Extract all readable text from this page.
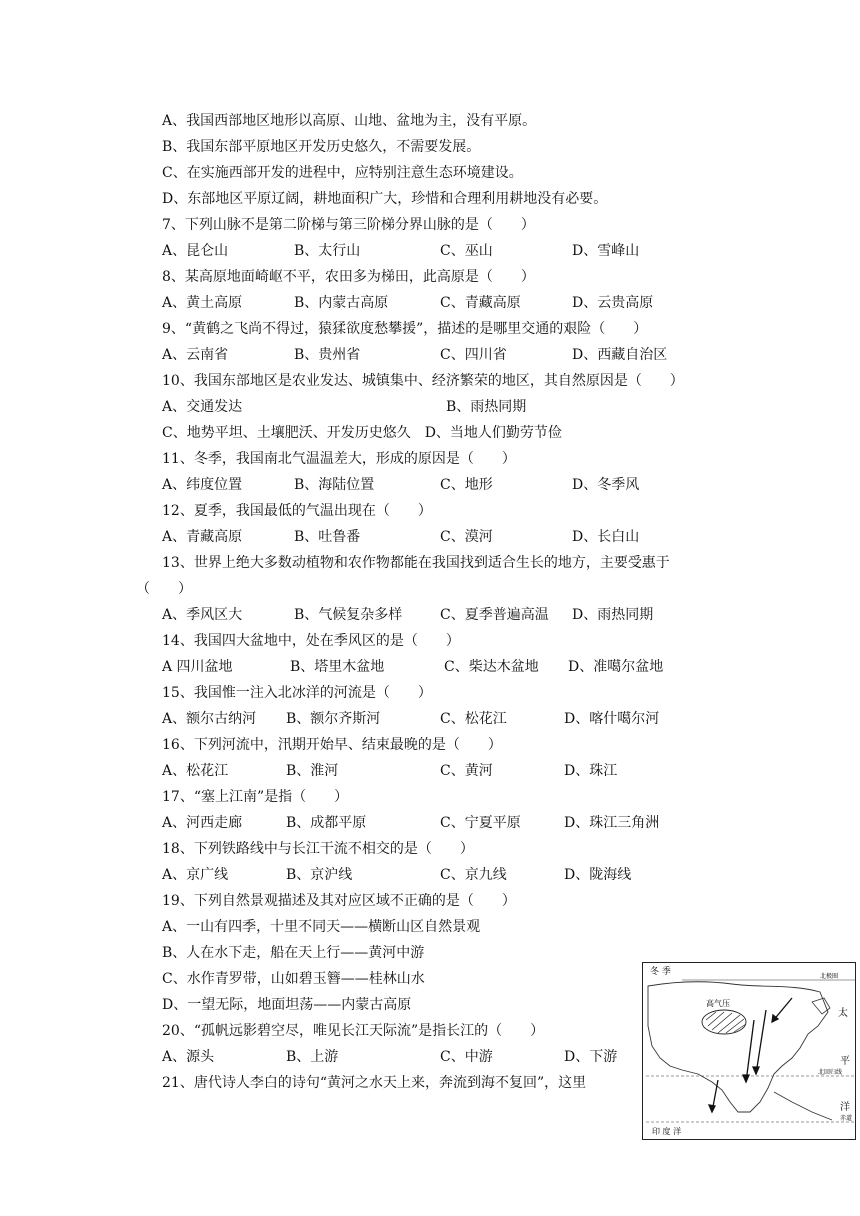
A、我国西部地区地形以高原、山地、盆地为主，没有平原。
B、我国东部平原地区开发历史悠久，不需要发展。
C、在实施西部开发的进程中，应特别注意生态环境建设。
D、东部地区平原辽阔，耕地面积广大，珍惜和合理利用耕地没有必要。
7、下列山脉不是第二阶梯与第三阶梯分界山脉的是（　　）
A、昆仑山	B、太行山	C、巫山	D、雪峰山
8、某高原地面崎岖不平，农田多为梯田，此高原是（　　）
A、黄土高原	B、内蒙古高原	C、青藏高原	D、云贵高原
9、“黄鹤之飞尚不得过，猿猱欲度愁攀援”，描述的是哪里交通的艰险（　　）
A、云南省	B、贵州省	C、四川省	D、西藏自治区
10、我国东部地区是农业发达、城镇集中、经济繁荣的地区，其自然原因是（　　）
A、交通发达	B、雨热同期
C、地势平坦、土壤肥沃、开发历史悠久　D、当地人们勤劳节俭
11、冬季，我国南北气温温差大，形成的原因是（　　）
A、纬度位置	B、海陆位置	C、地形	D、冬季风
12、夏季，我国最低的气温出现在（　　）
A、青藏高原	B、吐鲁番	C、漠河	D、长白山
13、世界上绝大多数动植物和农作物都能在我国找到适合生长的地方，主要受惠于
（　　）
A、季风区大	B、气候复杂多样	C、夏季普遍高温 D、雨热同期
14、我国四大盆地中，处在季风区的是（　　）
A 四川盆地	B、塔里木盆地	C、柴达木盆地 D、准噶尔盆地
15、我国惟一注入北冰洋的河流是（　　）
A、额尔古纳河 B、额尔齐斯河	C、松花江	D、喀什噶尔河
16、下列河流中，汛期开始早、结束最晚的是（　　）
A、松花江	B、淮河	C、黄河	D、珠江
17、“塞上江南”是指（　　）
A、河西走廊	B、成都平原	C、宁夏平原	D、珠江三角洲
18、下列铁路线中与长江干流不相交的是（　　）
A、京广线	B、京沪线	C、京九线	D、陇海线
19、下列自然景观描述及其对应区域不正确的是（　　）
A、一山有四季，十里不同天——横断山区自然景观
B、人在水下走，船在天上行——黄河中游
C、水作青罗带，山如碧玉簪——桂林山水
D、一望无际，地面坦荡——内蒙古高原
20、“孤帆远影碧空尽，唯见长江天际流”是指长江的（　　）
A、源头	B、上游	C、中游	D、下游
21、唐代诗人李白的诗句“黄河之水天上来，奔流到海不复回”，这里
冬 季	北极圈
高气压
太
平
北回归线
洋
赤道
印 度 洋
